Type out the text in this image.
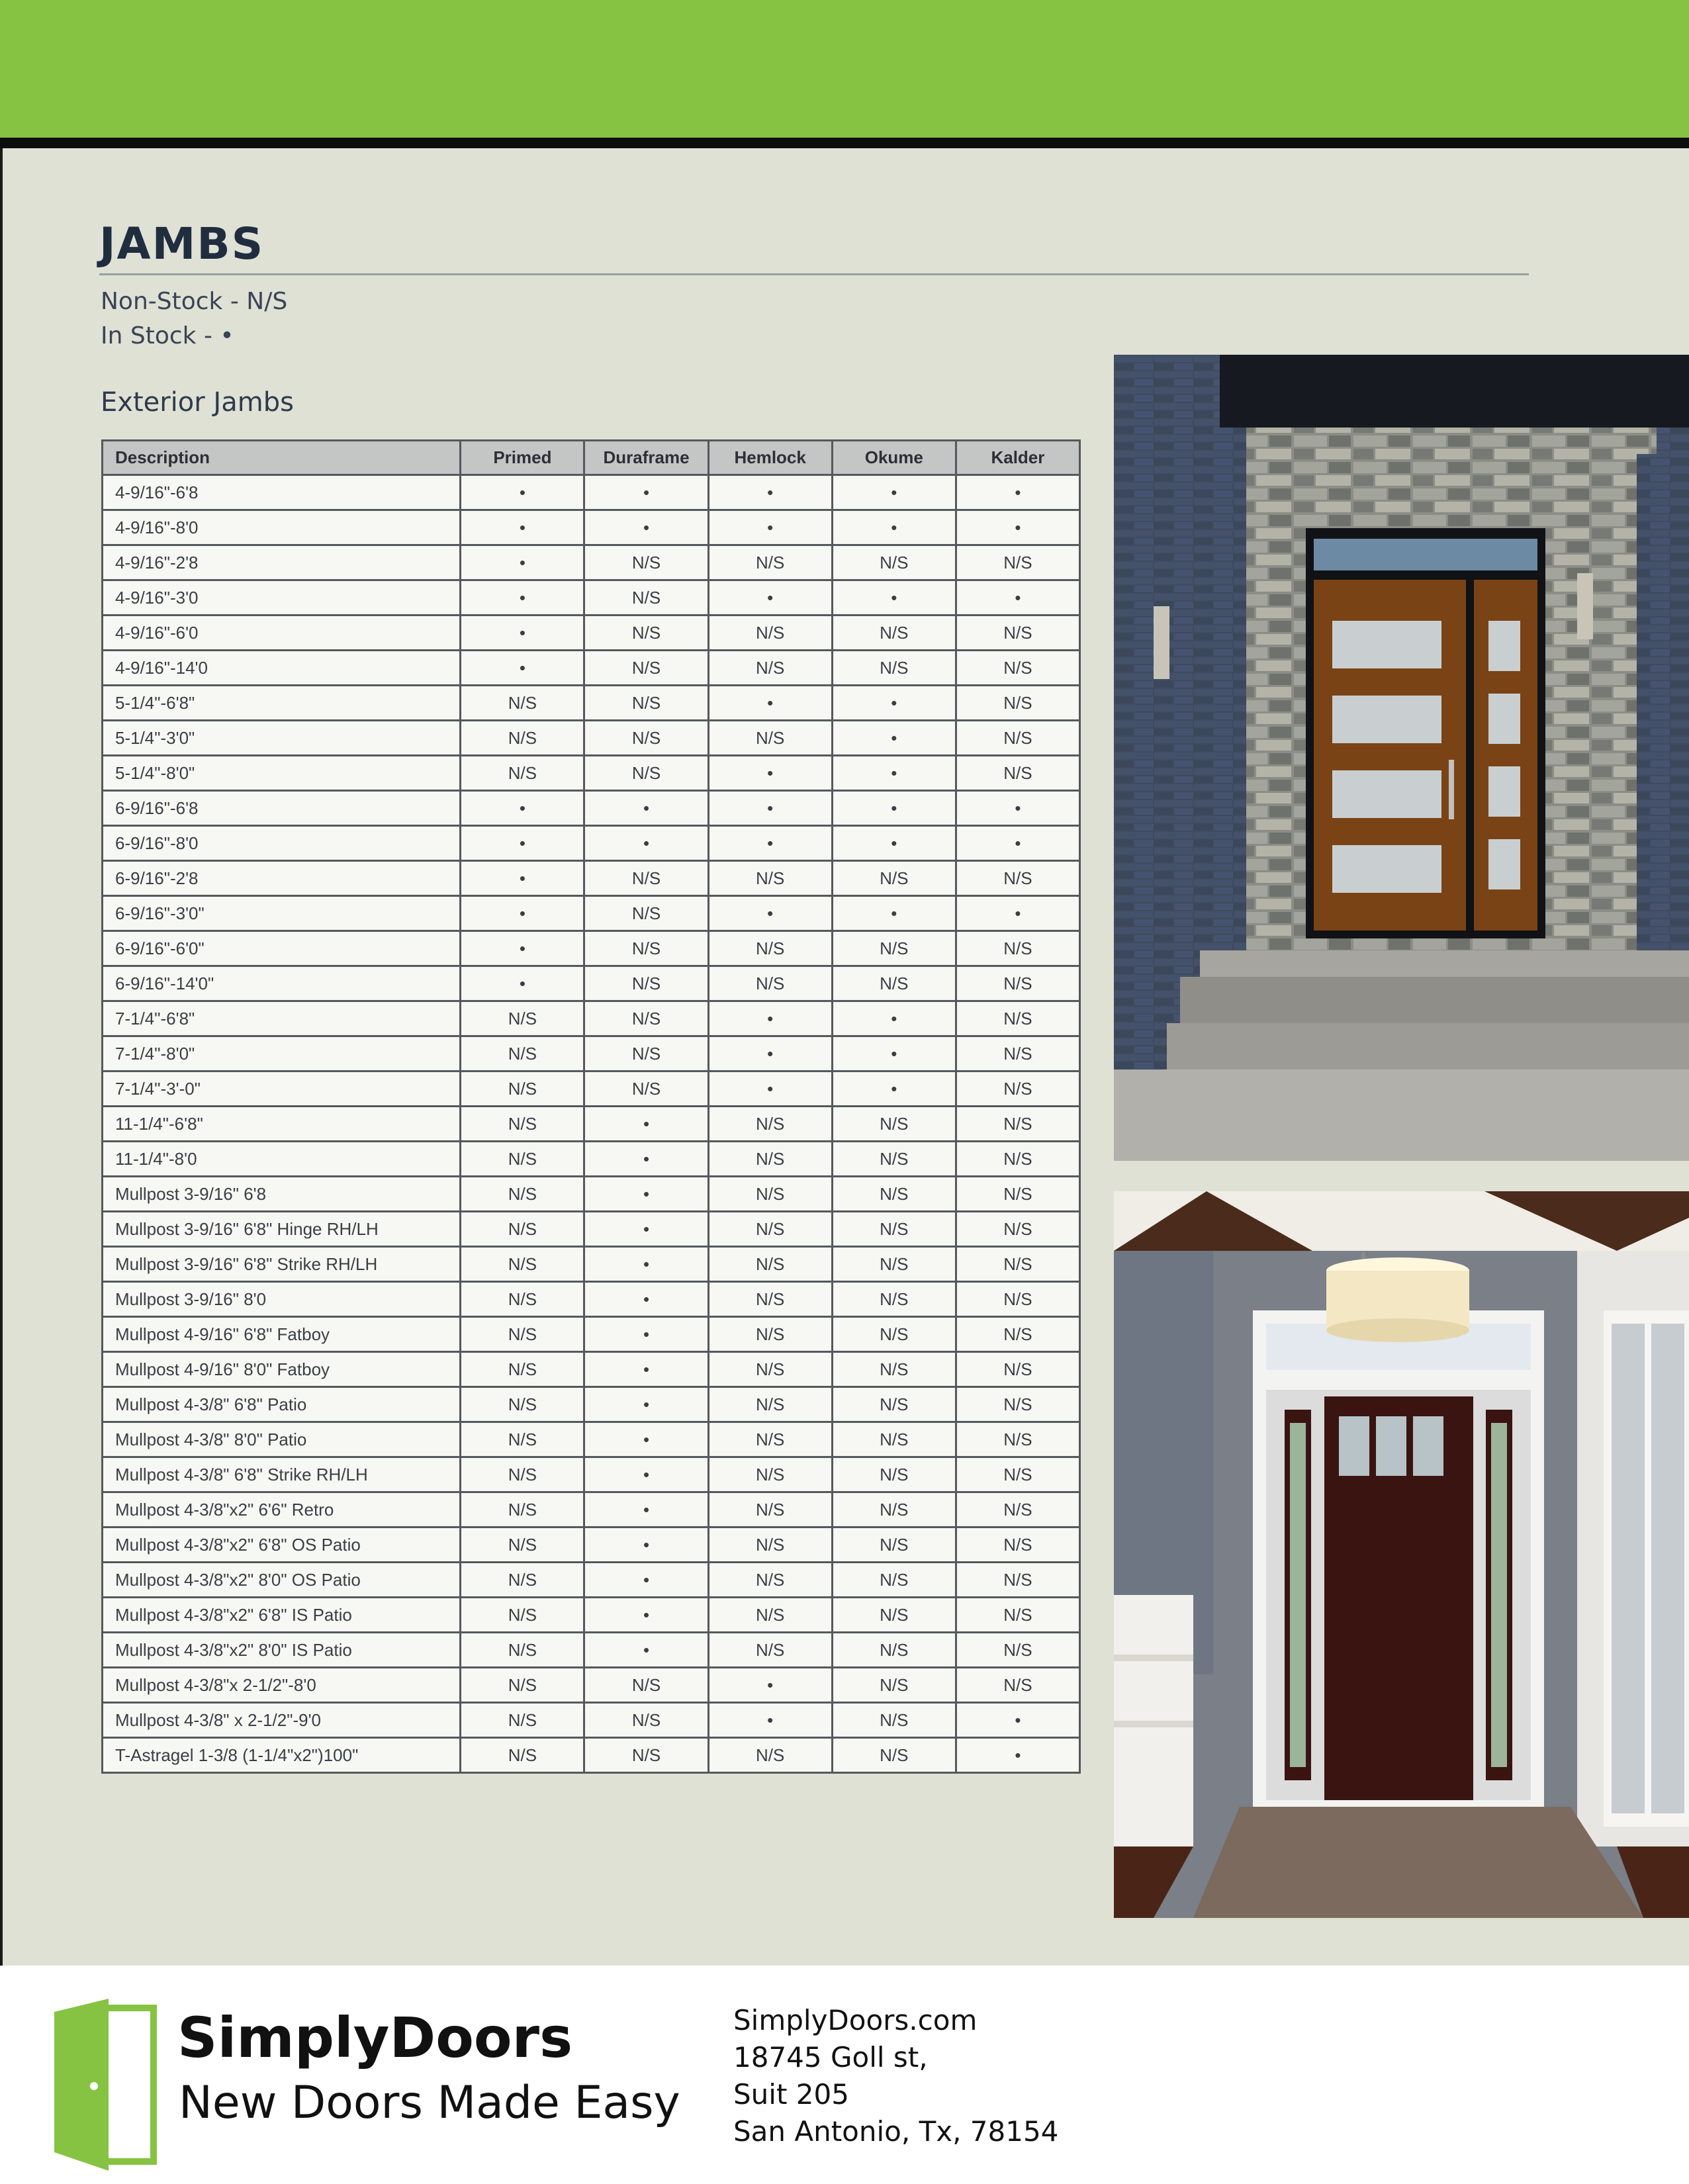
JAMBS
Non-Stock - N/S
In Stock - •
Exterior Jambs
Description	Primed	Duraframe	Hemlock	Okume	Kalder
4-9/16"-6'8	•	•	•	•	•
4-9/16"-8'0	•	•	•	•	•
4-9/16"-2'8	•	N/S	N/S	N/S	N/S
4-9/16"-3'0	•	N/S	•	•	•
4-9/16"-6'0	•	N/S	N/S	N/S	N/S
4-9/16"-14'0	•	N/S	N/S	N/S	N/S
5-1/4"-6'8"	N/S	N/S	•	•	N/S
5-1/4"-3'0"	N/S	N/S	N/S	•	N/S
5-1/4"-8'0"	N/S	N/S	•	•	N/S
6-9/16"-6'8	•	•	•	•	•
6-9/16"-8'0	•	•	•	•	•
6-9/16"-2'8	•	N/S	N/S	N/S	N/S
6-9/16"-3'0"	•	N/S	•	•	•
6-9/16"-6'0"	•	N/S	N/S	N/S	N/S
6-9/16"-14'0"	•	N/S	N/S	N/S	N/S
7-1/4"-6'8"	N/S	N/S	•	•	N/S
7-1/4"-8'0"	N/S	N/S	•	•	N/S
7-1/4"-3'-0"	N/S	N/S	•	•	N/S
11-1/4"-6'8"	N/S	•	N/S	N/S	N/S
11-1/4"-8'0	N/S	•	N/S	N/S	N/S
Mullpost 3-9/16" 6'8	N/S	•	N/S	N/S	N/S
Mullpost 3-9/16" 6'8" Hinge RH/LH	N/S	•	N/S	N/S	N/S
Mullpost 3-9/16" 6'8" Strike RH/LH	N/S	•	N/S	N/S	N/S
Mullpost 3-9/16" 8'0	N/S	•	N/S	N/S	N/S
Mullpost 4-9/16" 6'8" Fatboy	N/S	•	N/S	N/S	N/S
Mullpost 4-9/16" 8'0" Fatboy	N/S	•	N/S	N/S	N/S
Mullpost 4-3/8" 6'8" Patio	N/S	•	N/S	N/S	N/S
Mullpost 4-3/8" 8'0" Patio	N/S	•	N/S	N/S	N/S
Mullpost 4-3/8" 6'8" Strike RH/LH	N/S	•	N/S	N/S	N/S
Mullpost 4-3/8"x2" 6'6" Retro	N/S	•	N/S	N/S	N/S
Mullpost 4-3/8"x2" 6'8" OS Patio	N/S	•	N/S	N/S	N/S
Mullpost 4-3/8"x2" 8'0" OS Patio	N/S	•	N/S	N/S	N/S
Mullpost 4-3/8"x2" 6'8" IS Patio	N/S	•	N/S	N/S	N/S
Mullpost 4-3/8"x2" 8'0" IS Patio	N/S	•	N/S	N/S	N/S
Mullpost 4-3/8"x 2-1/2"-8'0	N/S	N/S	•	N/S	N/S
Mullpost 4-3/8" x 2-1/2"-9'0	N/S	N/S	•	N/S	•
T-Astragel 1-3/8 (1-1/4"x2")100"	N/S	N/S	N/S	N/S	•
SimplyDoors
New Doors Made Easy
SimplyDoors.com
18745 Goll st,
Suit 205
San Antonio, Tx, 78154
